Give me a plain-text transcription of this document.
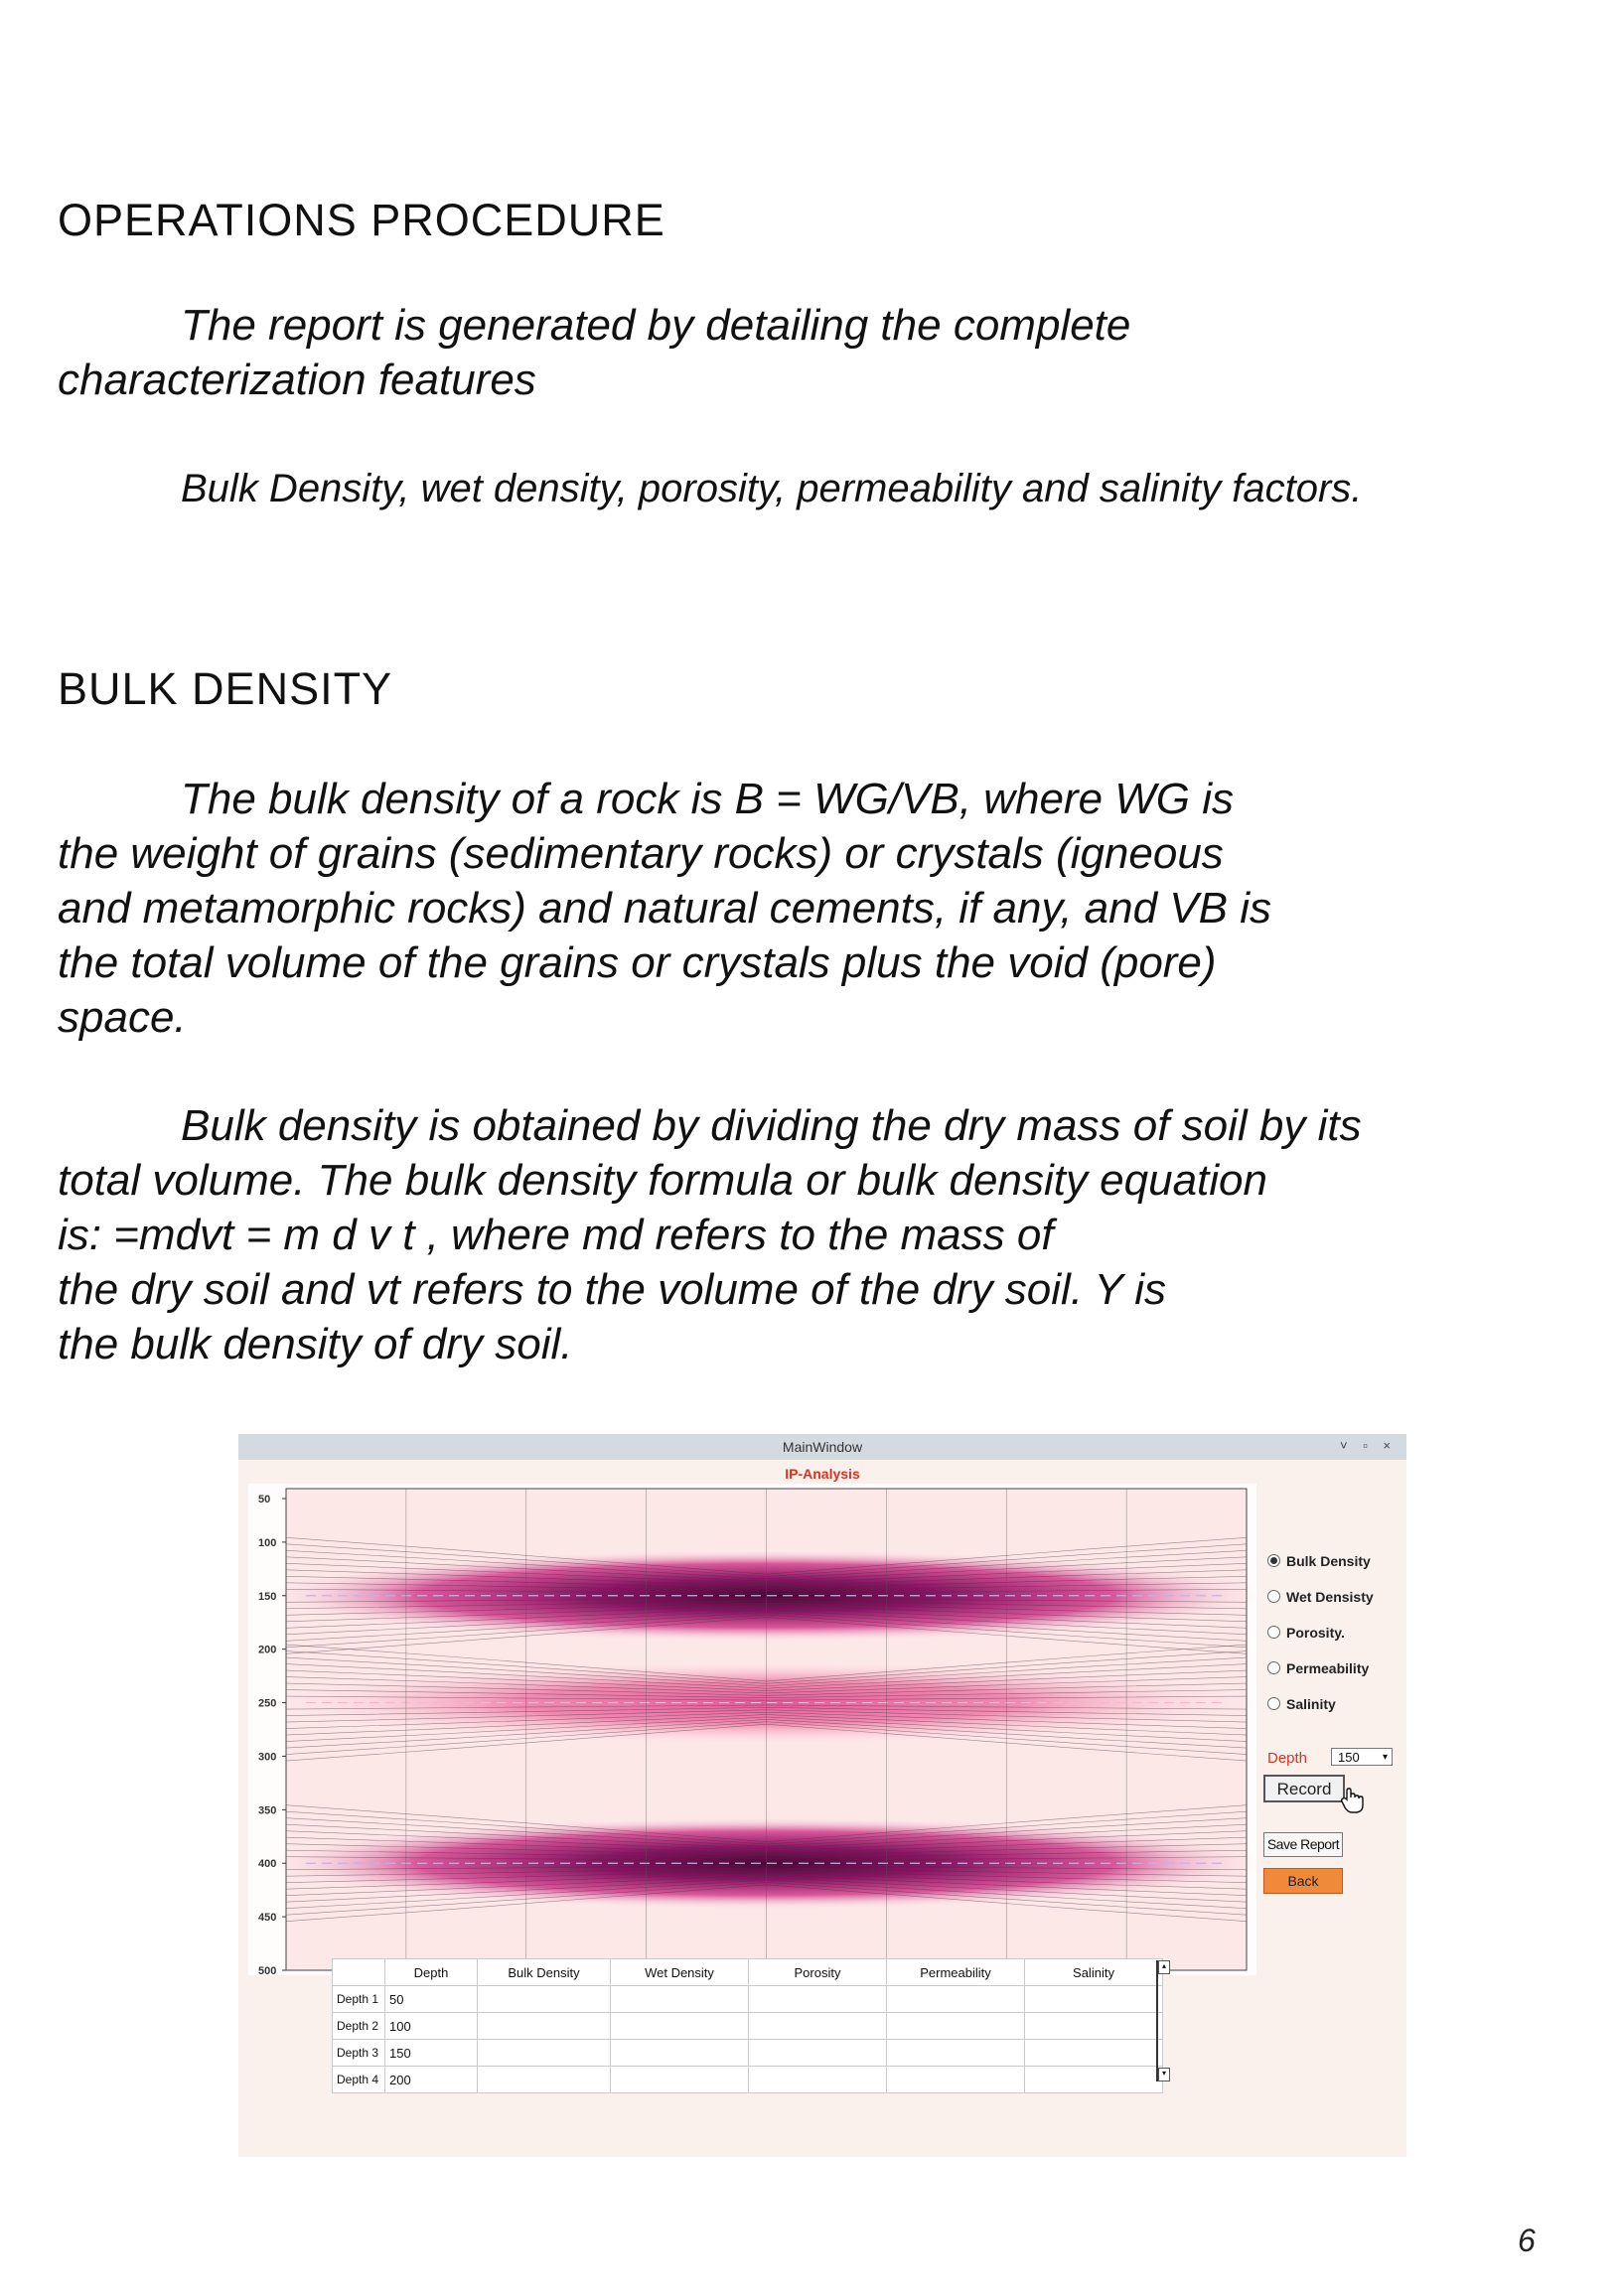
OPERATIONS PROCEDURE
The report is generated by detailing the complete
characterization features
Bulk Density, wet density, porosity, permeability and salinity factors.
BULK DENSITY
The bulk density of a rock is B = WG/VB, where WG is
the weight of grains (sedimentary rocks) or crystals (igneous
and metamorphic rocks) and natural cements, if any, and VB is
the total volume of the grains or crystals plus the void (pore)
space.
Bulk density is obtained by dividing the dry mass of soil by its
total volume. The bulk density formula or bulk density equation
is: =mdvt = m d v t , where md refers to the mass of
the dry soil and vt refers to the volume of the dry soil. Y is
the bulk density of dry soil.
MainWindow	˅ ▫ ×
IP-Analysis
50
100
150
200
250
300
350
400
450
500
Bulk Density
Wet Densisty
Porosity.
Permeability
Salinity
Depth	150 ▾
Record
Save Report
Back
	Depth	Bulk Density	Wet Density	Porosity	Permeability	Salinity
Depth 1	50					
Depth 2	100					
Depth 3	150					
Depth 4	200					
▴
▾
6
